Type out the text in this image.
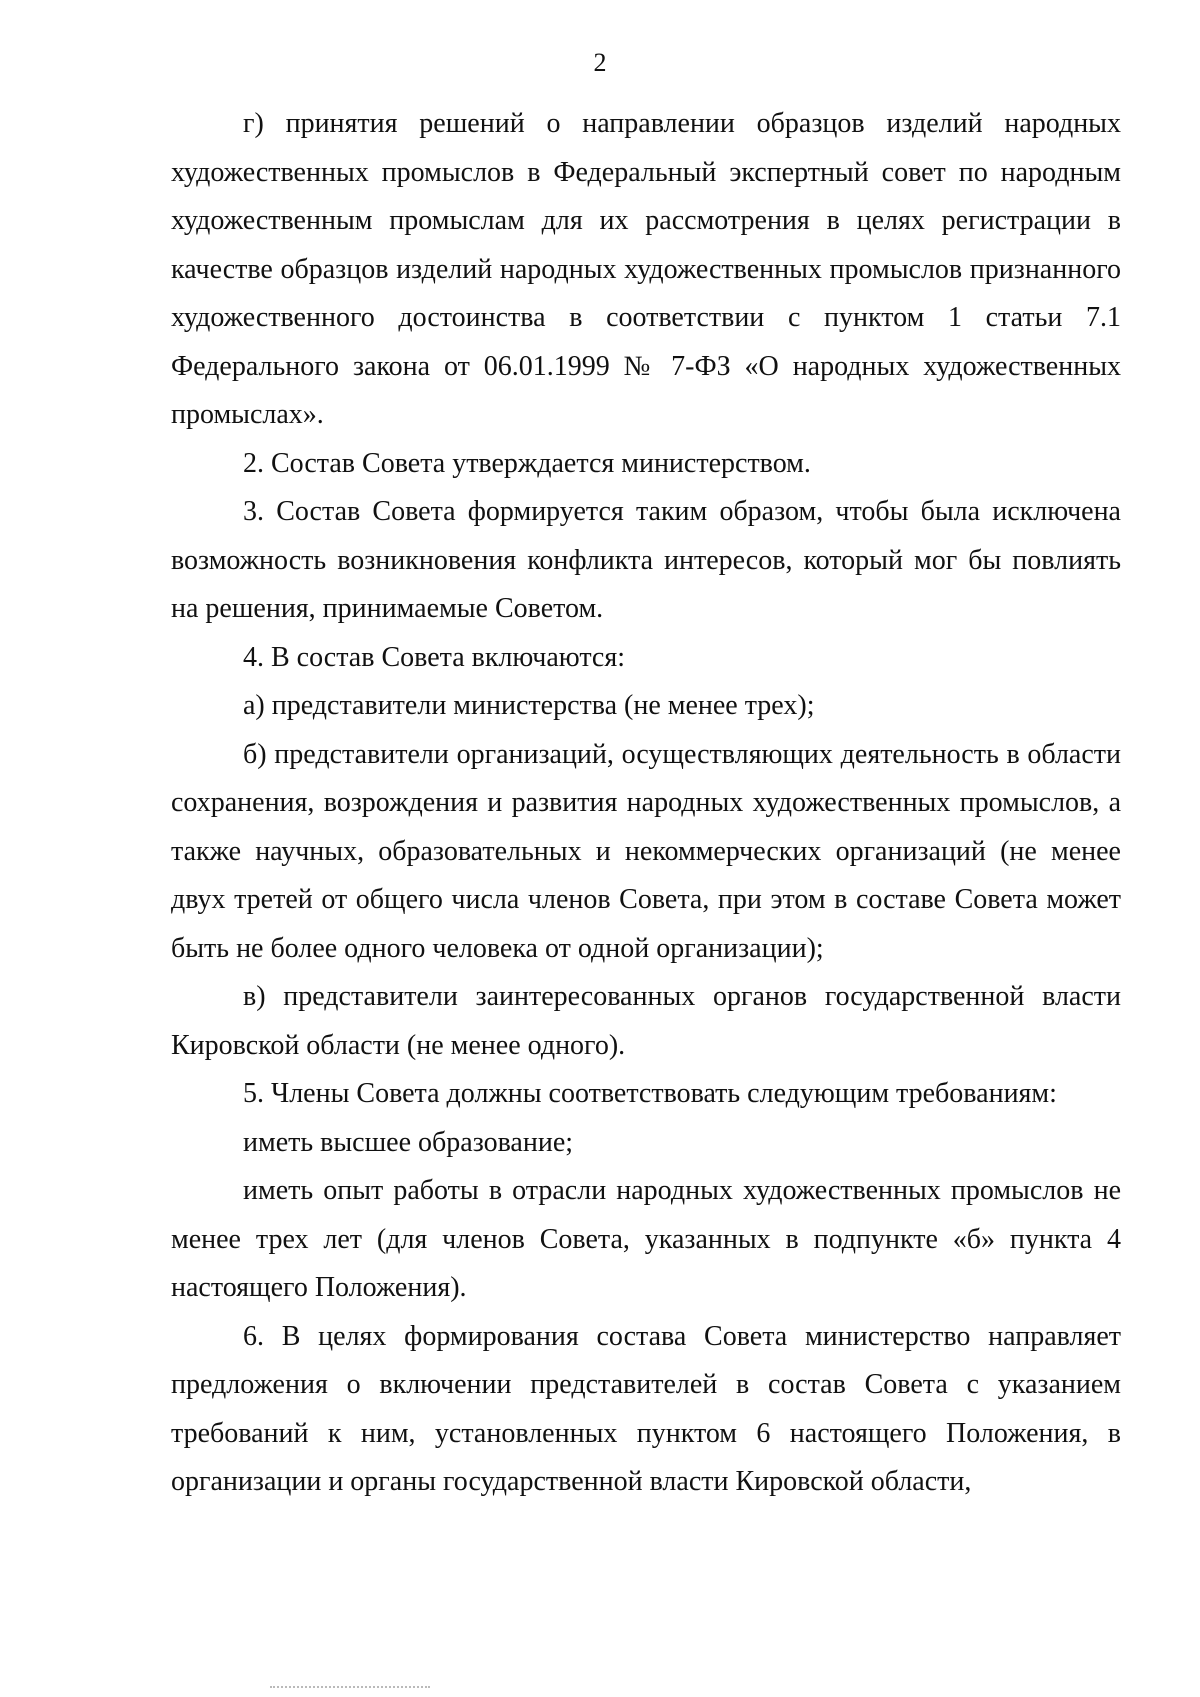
2

г) принятия решений о направлении образцов изделий народных художественных промыслов в Федеральный экспертный совет по народным художественным промыслам для их рассмотрения в целях регистрации в качестве образцов изделий народных художественных промыслов признанного художественного достоинства в соответствии с пунктом 1 статьи 7.1 Федерального закона от 06.01.1999 № 7-ФЗ «О народных художественных промыслах».

2. Состав Совета утверждается министерством.

3. Состав Совета формируется таким образом, чтобы была исключена возможность возникновения конфликта интересов, который мог бы повлиять на решения, принимаемые Советом.

4. В состав Совета включаются:

а) представители министерства (не менее трех);

б) представители организаций, осуществляющих деятельность в области сохранения, возрождения и развития народных художественных промыслов, а также научных, образовательных и некоммерческих организаций (не менее двух третей от общего числа членов Совета, при этом в составе Совета может быть не более одного человека от одной организации);

в) представители заинтересованных органов государственной власти Кировской области (не менее одного).

5. Члены Совета должны соответствовать следующим требованиям:

иметь высшее образование;

иметь опыт работы в отрасли народных художественных промыслов не менее трех лет (для членов Совета, указанных в подпункте «б» пункта 4 настоящего Положения).

6. В целях формирования состава Совета министерство направляет предложения о включении представителей в состав Совета с указанием требований к ним, установленных пунктом 6 настоящего Положения, в организации и органы государственной власти Кировской области,
